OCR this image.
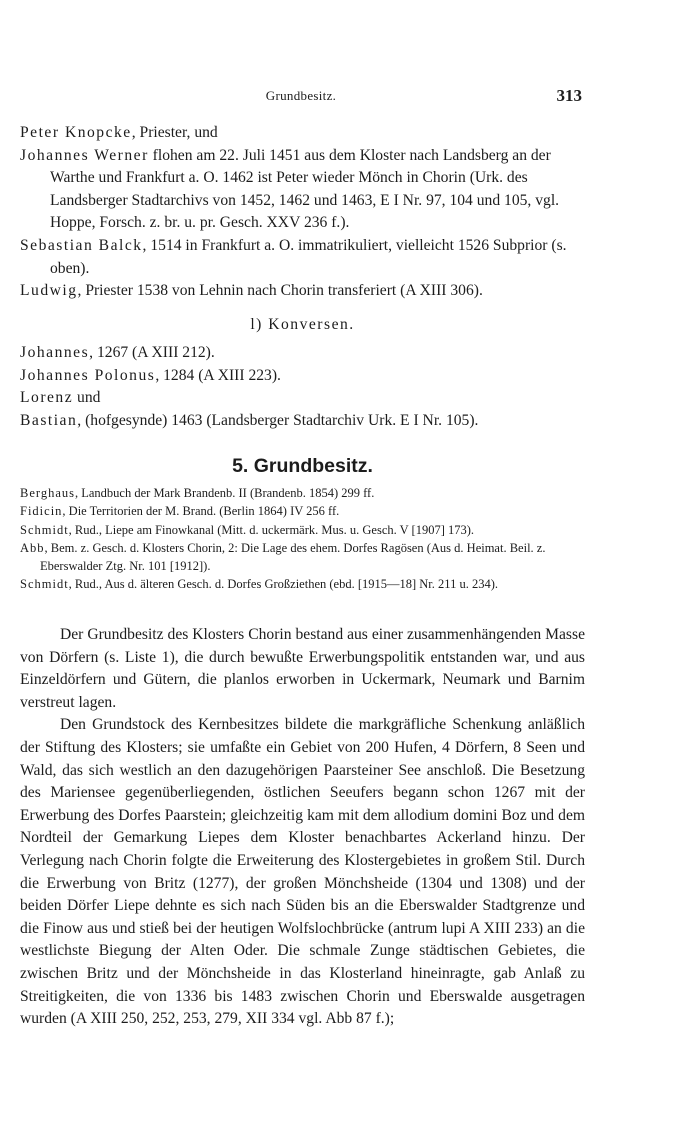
Grundbesitz.	313
Peter Knopcke, Priester, und
Johannes Werner flohen am 22. Juli 1451 aus dem Kloster nach Landsberg an der Warthe und Frankfurt a. O. 1462 ist Peter wieder Mönch in Chorin (Urk. des Landsberger Stadtarchivs von 1452, 1462 und 1463, E I Nr. 97, 104 und 105, vgl. Hoppe, Forsch. z. br. u. pr. Gesch. XXV 236 f.).
Sebastian Balck, 1514 in Frankfurt a. O. immatrikuliert, vielleicht 1526 Subprior (s. oben).
Ludwig, Priester 1538 von Lehnin nach Chorin transferiert (A XIII 306).
l) Konversen.
Johannes, 1267 (A XIII 212).
Johannes Polonus, 1284 (A XIII 223).
Lorenz und
Bastian, (hofgesynde) 1463 (Landsberger Stadtarchiv Urk. E I Nr. 105).
5. Grundbesitz.
Berghaus, Landbuch der Mark Brandenb. II (Brandenb. 1854) 299 ff.
Fidicin, Die Territorien der M. Brand. (Berlin 1864) IV 256 ff.
Schmidt, Rud., Liepe am Finowkanal (Mitt. d. uckermärk. Mus. u. Gesch. V [1907] 173).
Abb, Bem. z. Gesch. d. Klosters Chorin, 2: Die Lage des ehem. Dorfes Ragösen (Aus d. Heimat. Beil. z. Eberswalder Ztg. Nr. 101 [1912]).
Schmidt, Rud., Aus d. älteren Gesch. d. Dorfes Großziethen (ebd. [1915—18] Nr. 211 u. 234).

Der Grundbesitz des Klosters Chorin bestand aus einer zusammenhängenden Masse von Dörfern (s. Liste 1), die durch bewußte Erwerbungspolitik entstanden war, und aus Einzeldörfern und Gütern, die planlos erworben in Uckermark, Neumark und Barnim verstreut lagen.

Den Grundstock des Kernbesitzes bildete die markgräfliche Schenkung anläßlich der Stiftung des Klosters; sie umfaßte ein Gebiet von 200 Hufen, 4 Dörfern, 8 Seen und Wald, das sich westlich an den dazugehörigen Paarsteiner See anschloß. Die Besetzung des Mariensee gegenüberliegenden, östlichen Seeufers begann schon 1267 mit der Erwerbung des Dorfes Paarstein; gleichzeitig kam mit dem allodium domini Boz und dem Nordteil der Gemarkung Liepes dem Kloster benachbartes Ackerland hinzu. Der Verlegung nach Chorin folgte die Erweiterung des Klostergebietes in großem Stil. Durch die Erwerbung von Britz (1277), der großen Mönchsheide (1304 und 1308) und der beiden Dörfer Liepe dehnte es sich nach Süden bis an die Eberswalder Stadtgrenze und die Finow aus und stieß bei der heutigen Wolfslochbrücke (antrum lupi A XIII 233) an die westlichste Biegung der Alten Oder. Die schmale Zunge städtischen Gebietes, die zwischen Britz und der Mönchsheide in das Klosterland hineinragte, gab Anlaß zu Streitigkeiten, die von 1336 bis 1483 zwischen Chorin und Eberswalde ausgetragen wurden (A XIII 250, 252, 253, 279, XII 334 vgl. Abb 87 f.);
